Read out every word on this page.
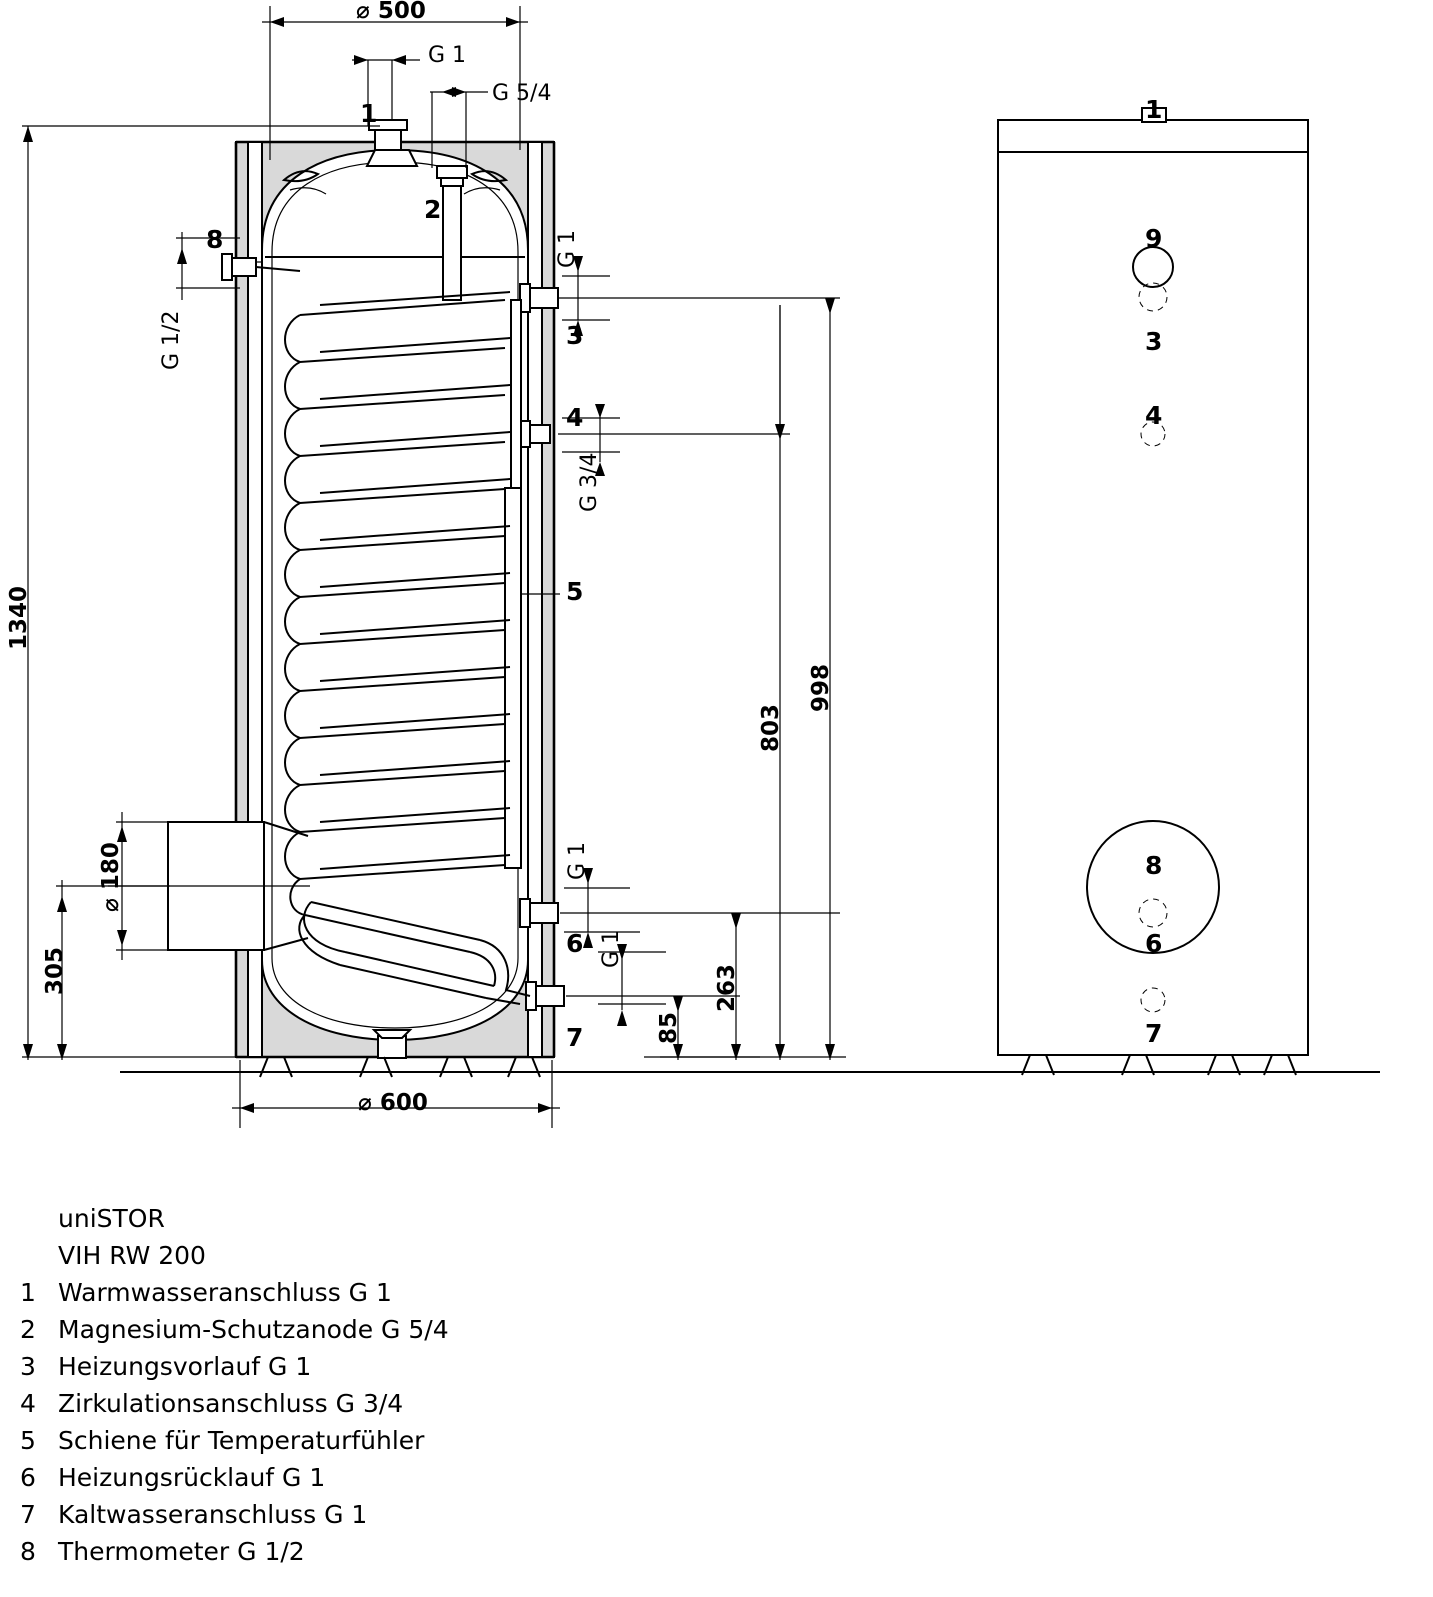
⌀ 500
G 1
G 5/4
1340
305
⌀ 180
⌀ 600
G 1/2
G 1
G 3/4
G 1
G 1
85
263
803
998
1
2
8
3
4
5
6
7
1
9
3
4
8
6
7
uniSTOR
VIH RW 200
1 Warmwasseranschluss G 1
2 Magnesium-Schutzanode G 5/4
3 Heizungsvorlauf G 1
4 Zirkulationsanschluss G 3/4
5 Schiene für Temperaturfühler
6 Heizungsrücklauf G 1
7 Kaltwasseranschluss G 1
8 Thermometer G 1/2
